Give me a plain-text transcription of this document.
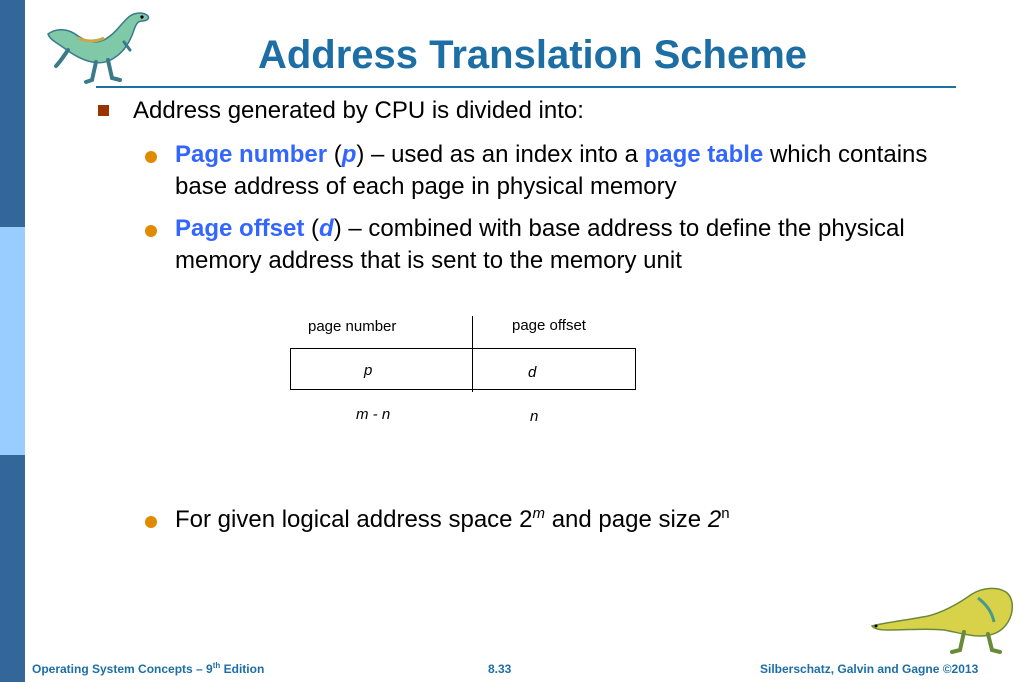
Address Translation Scheme
Address generated by CPU is divided into:
Page number (p) – used as an index into a page table which contains base address of each page in physical memory
Page offset (d) – combined with base address to define the physical memory address that is sent to the memory unit
page number	page offset
p	d
m - n	n
For given logical address space 2$^m$ and page size 2$^n$
Operating System Concepts – 9th Edition	8.33	Silberschatz, Galvin and Gagne ©2013
